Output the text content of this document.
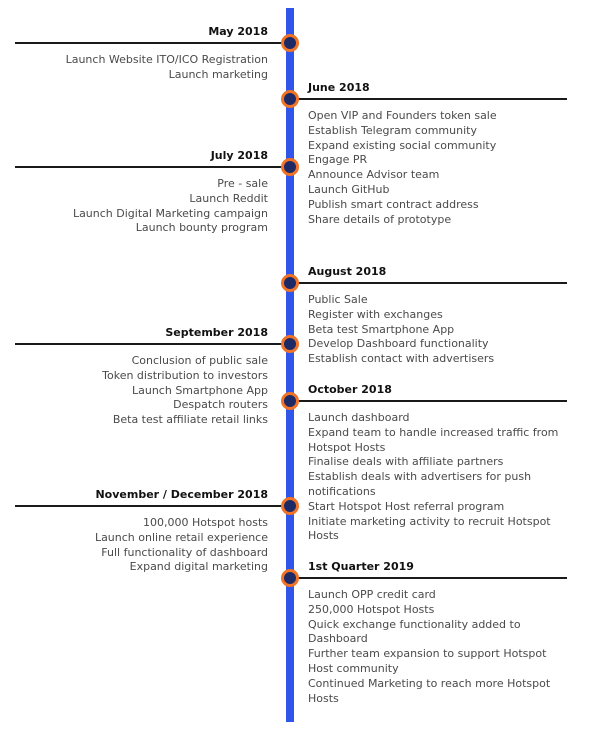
May 2018
Launch Website ITO/ICO Registration
Launch marketing
June 2018
Open VIP and Founders token sale
Establish Telegram community
Expand existing social community
Engage PR
Announce Advisor team
Launch GitHub
Publish smart contract address
Share details of prototype
July 2018
Pre - sale
Launch Reddit
Launch Digital Marketing campaign
Launch bounty program
August 2018
Public Sale
Register with exchanges
Beta test Smartphone App
Develop Dashboard functionality
Establish contact with advertisers
September 2018
Conclusion of public sale
Token distribution to investors
Launch Smartphone App
Despatch routers
Beta test affiliate retail links
October 2018
Launch dashboard
Expand team to handle increased traffic from
Hotspot Hosts
Finalise deals with affiliate partners
Establish deals with advertisers for push
notifications
Start Hotspot Host referral program
Initiate marketing activity to recruit Hotspot
Hosts
November / December 2018
100,000 Hotspot hosts
Launch online retail experience
Full functionality of dashboard
Expand digital marketing	1st Quarter 2019
Launch OPP credit card
250,000 Hotspot Hosts
Quick exchange functionality added to
Dashboard
Further team expansion to support Hotspot
Host community
Continued Marketing to reach more Hotspot
Hosts
